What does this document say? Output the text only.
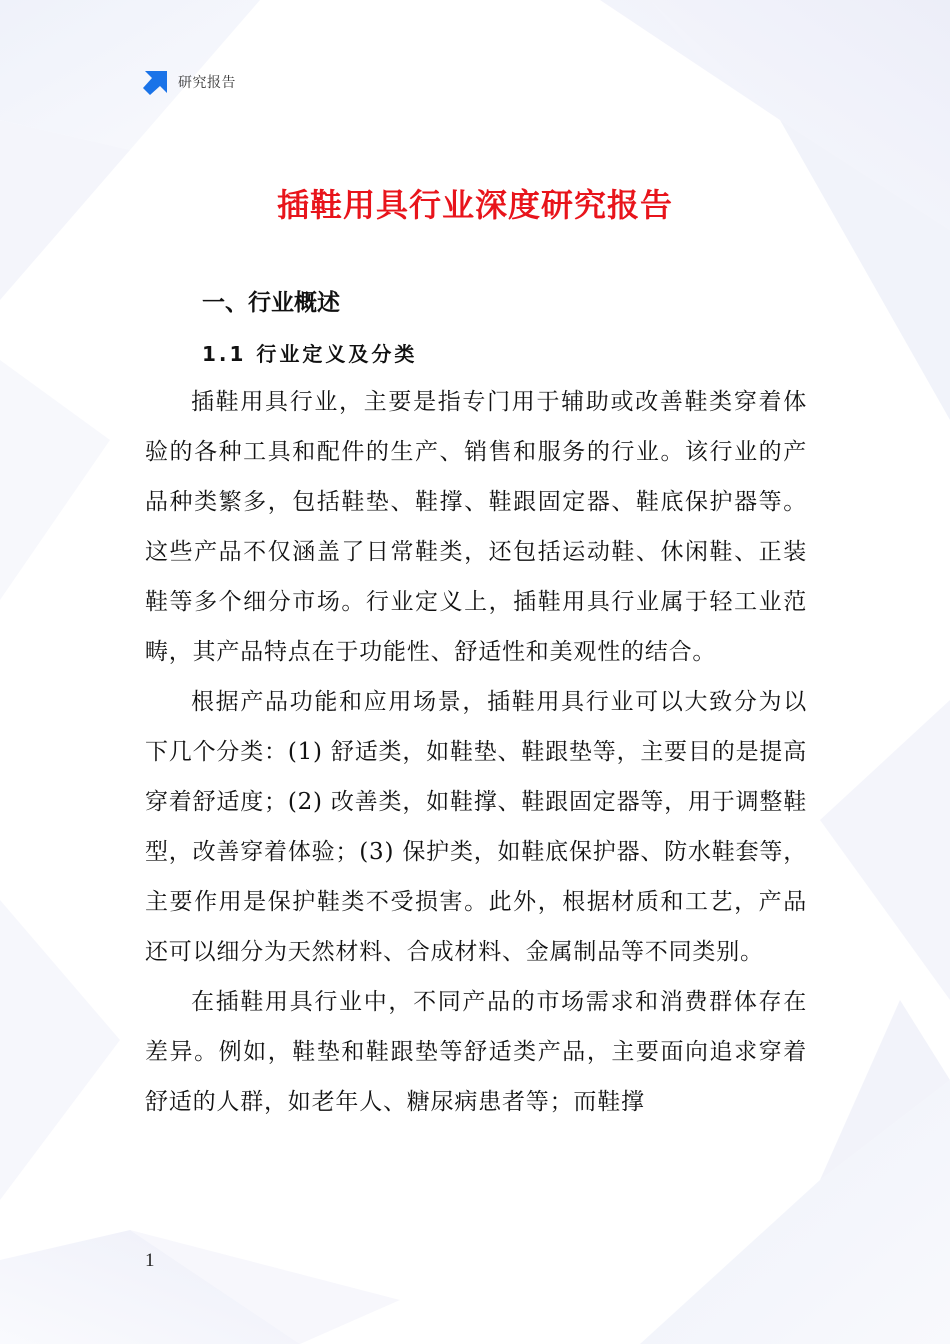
研究报告
插鞋用具行业深度研究报告
一、行业概述
1.1 行业定义及分类

插鞋用具行业，主要是指专门用于辅助或改善鞋类穿着体验的各种工具和配件的生产、销售和服务的行业。该行业的产品种类繁多，包括鞋垫、鞋撑、鞋跟固定器、鞋底保护器等。这些产品不仅涵盖了日常鞋类，还包括运动鞋、休闲鞋、正装鞋等多个细分市场。行业定义上，插鞋用具行业属于轻工业范畴，其产品特点在于功能性、舒适性和美观性的结合。

根据产品功能和应用场景，插鞋用具行业可以大致分为以下几个分类：(1) 舒适类，如鞋垫、鞋跟垫等，主要目的是提高穿着舒适度；(2) 改善类，如鞋撑、鞋跟固定器等，用于调整鞋型，改善穿着体验；(3) 保护类，如鞋底保护器、防水鞋套等，主要作用是保护鞋类不受损害。此外，根据材质和工艺，产品还可以细分为天然材料、合成材料、金属制品等不同类别。

在插鞋用具行业中，不同产品的市场需求和消费群体存在差异。例如，鞋垫和鞋跟垫等舒适类产品，主要面向追求穿着舒适的人群，如老年人、糖尿病患者等；而鞋撑

1
